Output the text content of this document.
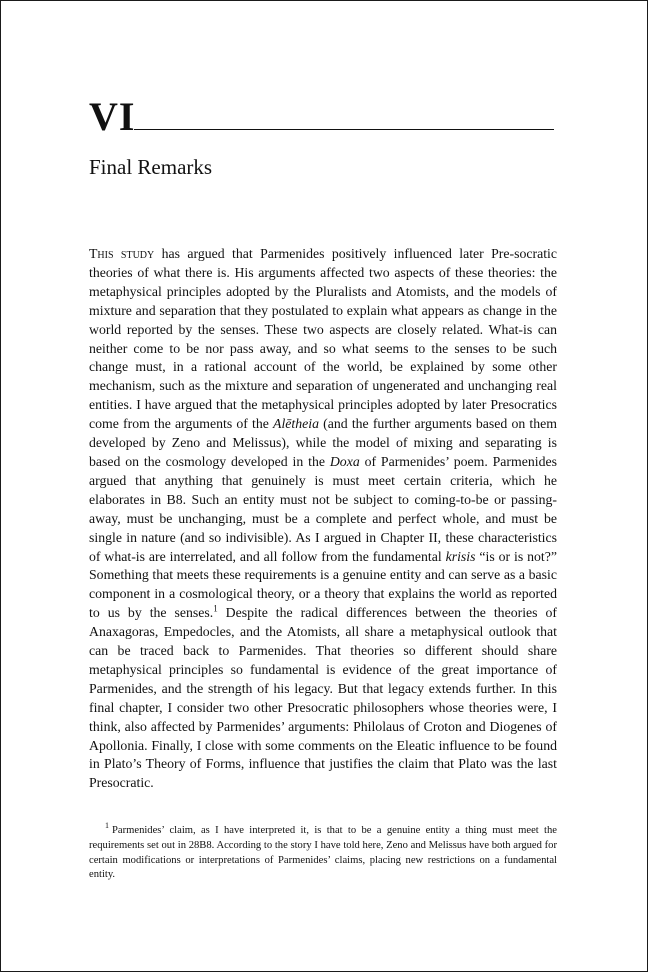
VI
Final Remarks

This study has argued that Parmenides positively influenced later Pre-socratic theories of what there is. His arguments affected two aspects of these theories: the metaphysical principles adopted by the Pluralists and Atomists, and the models of mixture and separation that they postulated to explain what appears as change in the world reported by the senses. These two aspects are closely related. What-is can neither come to be nor pass away, and so what seems to the senses to be such change must, in a rational account of the world, be explained by some other mechanism, such as the mixture and separation of ungenerated and unchanging real entities. I have argued that the metaphysical principles adopted by later Presocratics come from the arguments of the Alētheia (and the further arguments based on them developed by Zeno and Melissus), while the model of mixing and separating is based on the cosmology developed in the Doxa of Parmenides’ poem. Parmenides argued that anything that genuinely is must meet certain criteria, which he elaborates in B8. Such an entity must not be subject to coming-to-be or passing-away, must be unchanging, must be a complete and perfect whole, and must be single in nature (and so indivisible). As I argued in Chapter II, these characteristics of what-is are interrelated, and all follow from the fundamental krisis “is or is not?” Something that meets these requirements is a genuine entity and can serve as a basic component in a cosmological theory, or a theory that explains the world as reported to us by the senses.$^1$ Despite the radical differences between the theories of Anaxagoras, Empedocles, and the Atomists, all share a metaphysical outlook that can be traced back to Parmenides. That theories so different should share metaphysical principles so fundamental is evidence of the great importance of Parmenides, and the strength of his legacy. But that legacy extends further. In this final chapter, I consider two other Presocratic philosophers whose theories were, I think, also affected by Parmenides’ arguments: Philolaus of Croton and Diogenes of Apollonia. Finally, I close with some comments on the Eleatic influence to be found in Plato’s Theory of Forms, influence that justifies the claim that Plato was the last Presocratic.

$^1$ Parmenides’ claim, as I have interpreted it, is that to be a genuine entity a thing must meet the requirements set out in 28B8. According to the story I have told here, Zeno and Melissus have both argued for certain modifications or interpretations of Parmenides’ claims, placing new restrictions on a fundamental entity.
